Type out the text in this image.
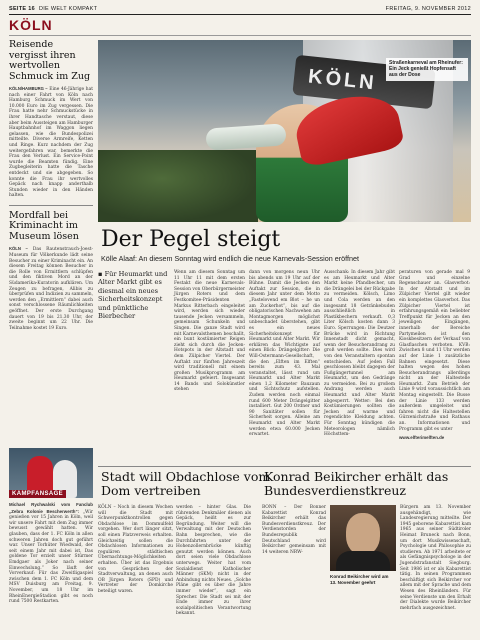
SEITE 16 DIE WELT KOMPAKT	FREITAG, 9. NOVEMBER 2012
KÖLN
Reisende vergisst ihren wertvollen Schmuck im Zug
KÖLN/HAMBURG – Eine 46-Jährige hat nach einer Fahrt von Köln nach Hamburg Schmuck im Wert von 10.000 Euro im Zug vergessen. Die Frau hatte nehr Schmuckstücke in ihrer Handtasche verstaut, diese aber beim Aussteigen am Hamburger Hauptbahnhof im Waggon liegen gelassen, wie die Bundespolizei mitteilte. Diverse Armreife, Ketten und Ringe. Kurz nachdem der Zug weitergefahren war, bemerkte die Frau den Verlust. Ein Service-Point wurde die Beamten fündig. Eine Zugbegleiterin hatte die Tasche entdeckt und sie abgegeben. So konnte die Frau ihr wertvolles Gepäck nach knapp anderthalb Stunden wieder in den Händen halten.
Mordfall bei Kriminacht im Museum lösen
KÖLN – Das Rautenstrauch-Joest-Museum für Völkerkunde lädt seine Besucher zu einer Kriminacht ein. An diesem Freitag können Besucher in die Rolle von Ermittlern schlüpfen und den fiktiven Mord an der Südamerika-Kuratorin aufklären. Um Zeugen zu befragen, Alibis zu überprüfen und Indizien zu sammeln, werden den „Ermittlern“ dabei auch sonst verschlossene Räumlichkeiten geöffnet. Der erste Durchgang dauert von 19 bis 21.30 Uhr, der zweite beginnt um 22 Uhr. Die Teilnahme kostet 19 Euro.
KÖLN
Straßenkarneval am Rheinufer: Ein Jeck genießt Hopfensaft aus der Dose
Der Pegel steigt
Kölle Alaaf: An diesem Sonntag wird endlich die neue Karnevals-Session eröffnet
▪ Für Heumarkt und Alter Markt gibt es diesmal ein neues Sicherheitskonzept und pünktliche Bierbecher
Wenn am diesem Sonntag um 11 Uhr 11 mit dem ersten Festakt die neue Karnevals-Session von Oberbürgermeister Jürgen Roters und dem Festkomitee-Präsidenten Markus Ritterbach eingeleitet wird, werden sich wieder tausende Jecken versammeln, gemeinsam Schunkeln und Singen. Die ganze Stadt wird mit Karnevalsthemen beschallt, ein bunt kostümierter Reigen zieht sich durch die Jecken-Hotspots in der Altstadt und dem Zülpicher Viertel. Der Auftakt zur fünften Jahreszeit wird traditionell mit einem großen Musikprogramm am Heumarkt gefeiert. Insgesamt 14 Bands und Solokünstler stehen
dann von morgens neun Uhr bis abends um 19 Uhr auf der Bühne. Damit die Jecken den Auftakt zur Session, die in diesem Jahr unter dem Motto „Fastelovend em Blot – he un am Zuckerhot“, bis auf die obligatorischen Nachwehen am Montagmorgen möglichst unbeschadet überstehen, gibt es ein neues Sicherheitskonzept für Heumarkt und Alter Markt. Wir erklären das Wichtigste auf einen Blick: Drängelgitter: Die Will-Ostermann-Gesellschaft, die den „Elften im Elften“ bereits zum 43. Mal veranstaltet, lässt rund um Heumarkt und Alter Markt einen 1,2 Kilometer Bauzaun und Sichtschutz aufstellen. Zudem werden noch einmal rund 600 Meter Drängelgitter installiert. Gut 200 Ordner und 90 Sanitäter sollen für Sicherheit sorgen. Alleine am Heumarkt und Alter Markt werden etwa 60.000 Jecken erwartet.
Ausschank: In diesem Jahr gibt es am Heumarkt und Alter Markt keine Pfandbecher, um die Drängelei bei der Rückgabe zu vermeiden. Kölsch, Limo und Cola werden an den insgesamt 18 Getränkebuden ausschließlich in Plastikbechern verkauft. 0,3 Liter Kölsch kosten dann 3 Euro. Sperrungen: Die Deutzer Brücke wird in Richtung Innenstadt dicht gemacht, wenn der Besucherandrang zu groß werden sollte. Dies wird von den Veranstaltern spontan entschieden. Auf jeden Fall geschlossen bleibt dagegen der Fußgängertunnel am Heumarkt, um den Gedränge zu vermeiden. Bei zu großem Andrang werden auch Heumarkt und Alter Markt abgesperrt. Wetter: Bei den Kostümierungen sollten die Jecken auf warme und regendichte Kleidung achten. Für Sonntag kündigen die Meteorologen nämlich Höchsttem-
peraturen von gerade mal 9 Grad und einzelne Regenschauer an. Glasverbot: In der Altstadt und im Zülpicher Viertel gilt wieder ein komplettes Glasverbot. Das Zülpicher Viertel ist erfahrungsgemäß ein beliebter Treffpunkt für Jecken an den jeweiligen Eingängen, innerhalb der Bereiche Partymeilen ist den Kioskbesitzern der Verkauf von Glasflaschen verboten. KVB: Zwischen 8 und 11 Uhr werden auf der Linie 1 zusätzliche Bahnen eingesetzt. Diese halten wegen des hohen Besucherandrangs allerdings nicht an der Haltestelle Heumarkt. Zum Betrieb der Linie 9 wird voraussichtlich am Montag eingestellt. Die Busse der Linie 133 werden außerdem umgeleitet und fahren nicht die Haltestellen Gürzenichstraße und Rathaus an. Informationen und Programm gibt es unter
www.elfterimelften.de
KAMPFANSAGE
Michael Rychwalski vom Fanclub „Zebra Kolonie Bescherwerth“: „Wir genießen vor 15 Jahren in Köln, weil wir unsere Fahrt mit dem Zug immer bewusst gewählt hatten. Wir glauben, dass der 1. FC Köln in allen schweren Jahren doch gut geführt war. Unser Torhüter Wiedwald, der seit einem Jahr mit dabei ist, Das goldene Tor erzielt unser Stürmer Emdgaer als Joker nach seiner Einwechslung.“ So läuft der Vorverkauf: Für das Zweitligaspiel zwischen dem 1. FC Köln und dem MSV Duisburg am Freitag, 9. November, um 18 Uhr im RheinEnergieStadion gibt es noch rund 7500 Restkarten.
Stadt will Obdachlose vom Dom vertreiben
Konrad Beikircher erhält das Bundesverdienstkreuz
KÖLN – Noch in diesem Wochen will die Stadt mit Schwerpunktkontrollen gegen Obdachlose im Dommulfeld vorgehen. Wer dort länger sitzt, soll einen Platzverweis erhalten. Gleichzeitig sollen die Obdachlosen Informationen zu regulären städtischen Übernachtungs-Möglichkeiten erhalten. Über ist das Ergebnis von Gesprächen der Stadtverwaltung, an denen auch OB Jürgen Roters (SPD) und Vertreter der Domkirche beteiligt waren.
werden – hinter Glas. Die rührenden Denkmäler dienen als Gepäck, heißt es zur Begründung. Weiter will die Verwaltung mit der Deutschen Bahn besprechen, wie die Durchfahrten unter der Hohenzollernbrücke künftig genutzt werden können. Auch dort seien viele Obdachlose unterwegs. Weiter hat vom Sozialdienst Katholischer Männer (SKM) nicht in der Anbindung nichts Neues. „Solche Pläne gibt es über die Jahre immer wieder“, sagt ein Sprecher. Die Stadt sei mit der Ende immer zu ihrer sozialpolitischen Verantwortung bekannt.
BONN – Der Bonner Kabarettist Konrad Beikircher erhält das Bundesverdienstkreuz. Der Verdienstorden der Bundesrepublik Deutschland wird Beikircher gemeinsam mit 14 weiteren NRW-
Konrad Beikircher wird am 13. November geehrt
Bürgern am 13. November ausgehändigt, wie Landesregierung mitteilte. Der 1945 geborene Kabarettist kam 1965 aus seiner Südtiroler Heimat Bruneck nach Bonn, um dort Musikwissenschaft, Psychologie und Philosophie zu studieren. Ab 1971 arbeitete er als Gefängnispsychologe in der Jugendstrafanstalt Siegburg. Seit 1986 ist er als Kabarettist tätig. In seinen Programmen beschäftigt sich Beikircher vor allem mit der Sprache und dem Wesen des Rheinländers. Für seine Verdienste um den Erhalt der Dialekte wurde Beikircher mehrfach ausgezeichnet.
